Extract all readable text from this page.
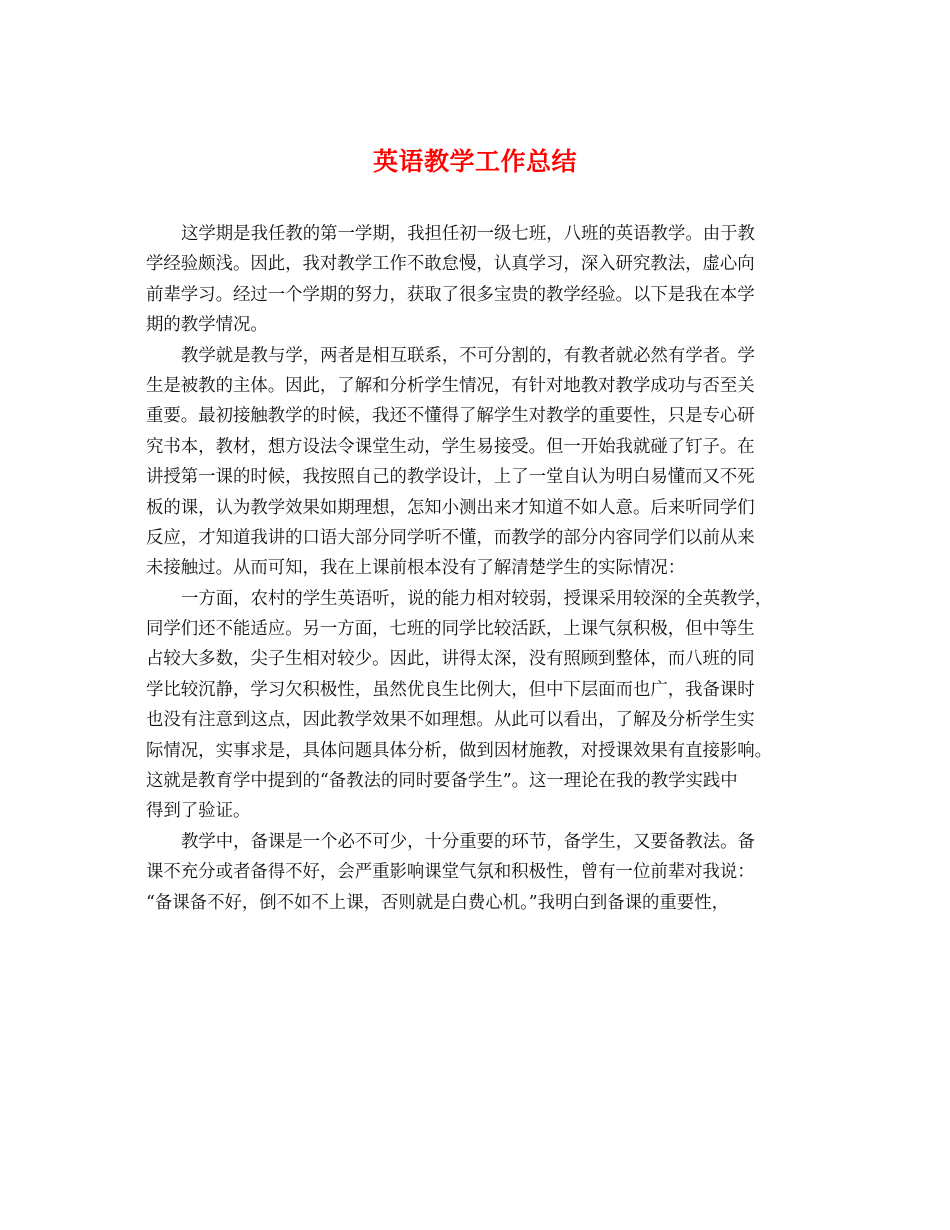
英语教学工作总结
这学期是我任教的第一学期，我担任初一级七班，八班的英语教学。由于教
学经验颇浅。因此，我对教学工作不敢怠慢，认真学习，深入研究教法，虚心向
前辈学习。经过一个学期的努力，获取了很多宝贵的教学经验。以下是我在本学
期的教学情况。
教学就是教与学，两者是相互联系，不可分割的，有教者就必然有学者。学
生是被教的主体。因此，了解和分析学生情况，有针对地教对教学成功与否至关
重要。最初接触教学的时候，我还不懂得了解学生对教学的重要性，只是专心研
究书本，教材，想方设法令课堂生动，学生易接受。但一开始我就碰了钉子。在
讲授第一课的时候，我按照自己的教学设计，上了一堂自认为明白易懂而又不死
板的课，认为教学效果如期理想，怎知小测出来才知道不如人意。后来听同学们
反应，才知道我讲的口语大部分同学听不懂，而教学的部分内容同学们以前从来
未接触过。从而可知，我在上课前根本没有了解清楚学生的实际情况：
一方面，农村的学生英语听，说的能力相对较弱，授课采用较深的全英教学，
同学们还不能适应。另一方面，七班的同学比较活跃，上课气氛积极，但中等生
占较大多数，尖子生相对较少。因此，讲得太深，没有照顾到整体，而八班的同
学比较沉静，学习欠积极性，虽然优良生比例大，但中下层面而也广，我备课时
也没有注意到这点，因此教学效果不如理想。从此可以看出，了解及分析学生实
际情况，实事求是，具体问题具体分析，做到因材施教，对授课效果有直接影响。
这就是教育学中提到的“备教法的同时要备学生”。这一理论在我的教学实践中
得到了验证。
教学中，备课是一个必不可少，十分重要的环节，备学生，又要备教法。备
课不充分或者备得不好，会严重影响课堂气氛和积极性，曾有一位前辈对我说：
“备课备不好，倒不如不上课，否则就是白费心机。”我明白到备课的重要性，
